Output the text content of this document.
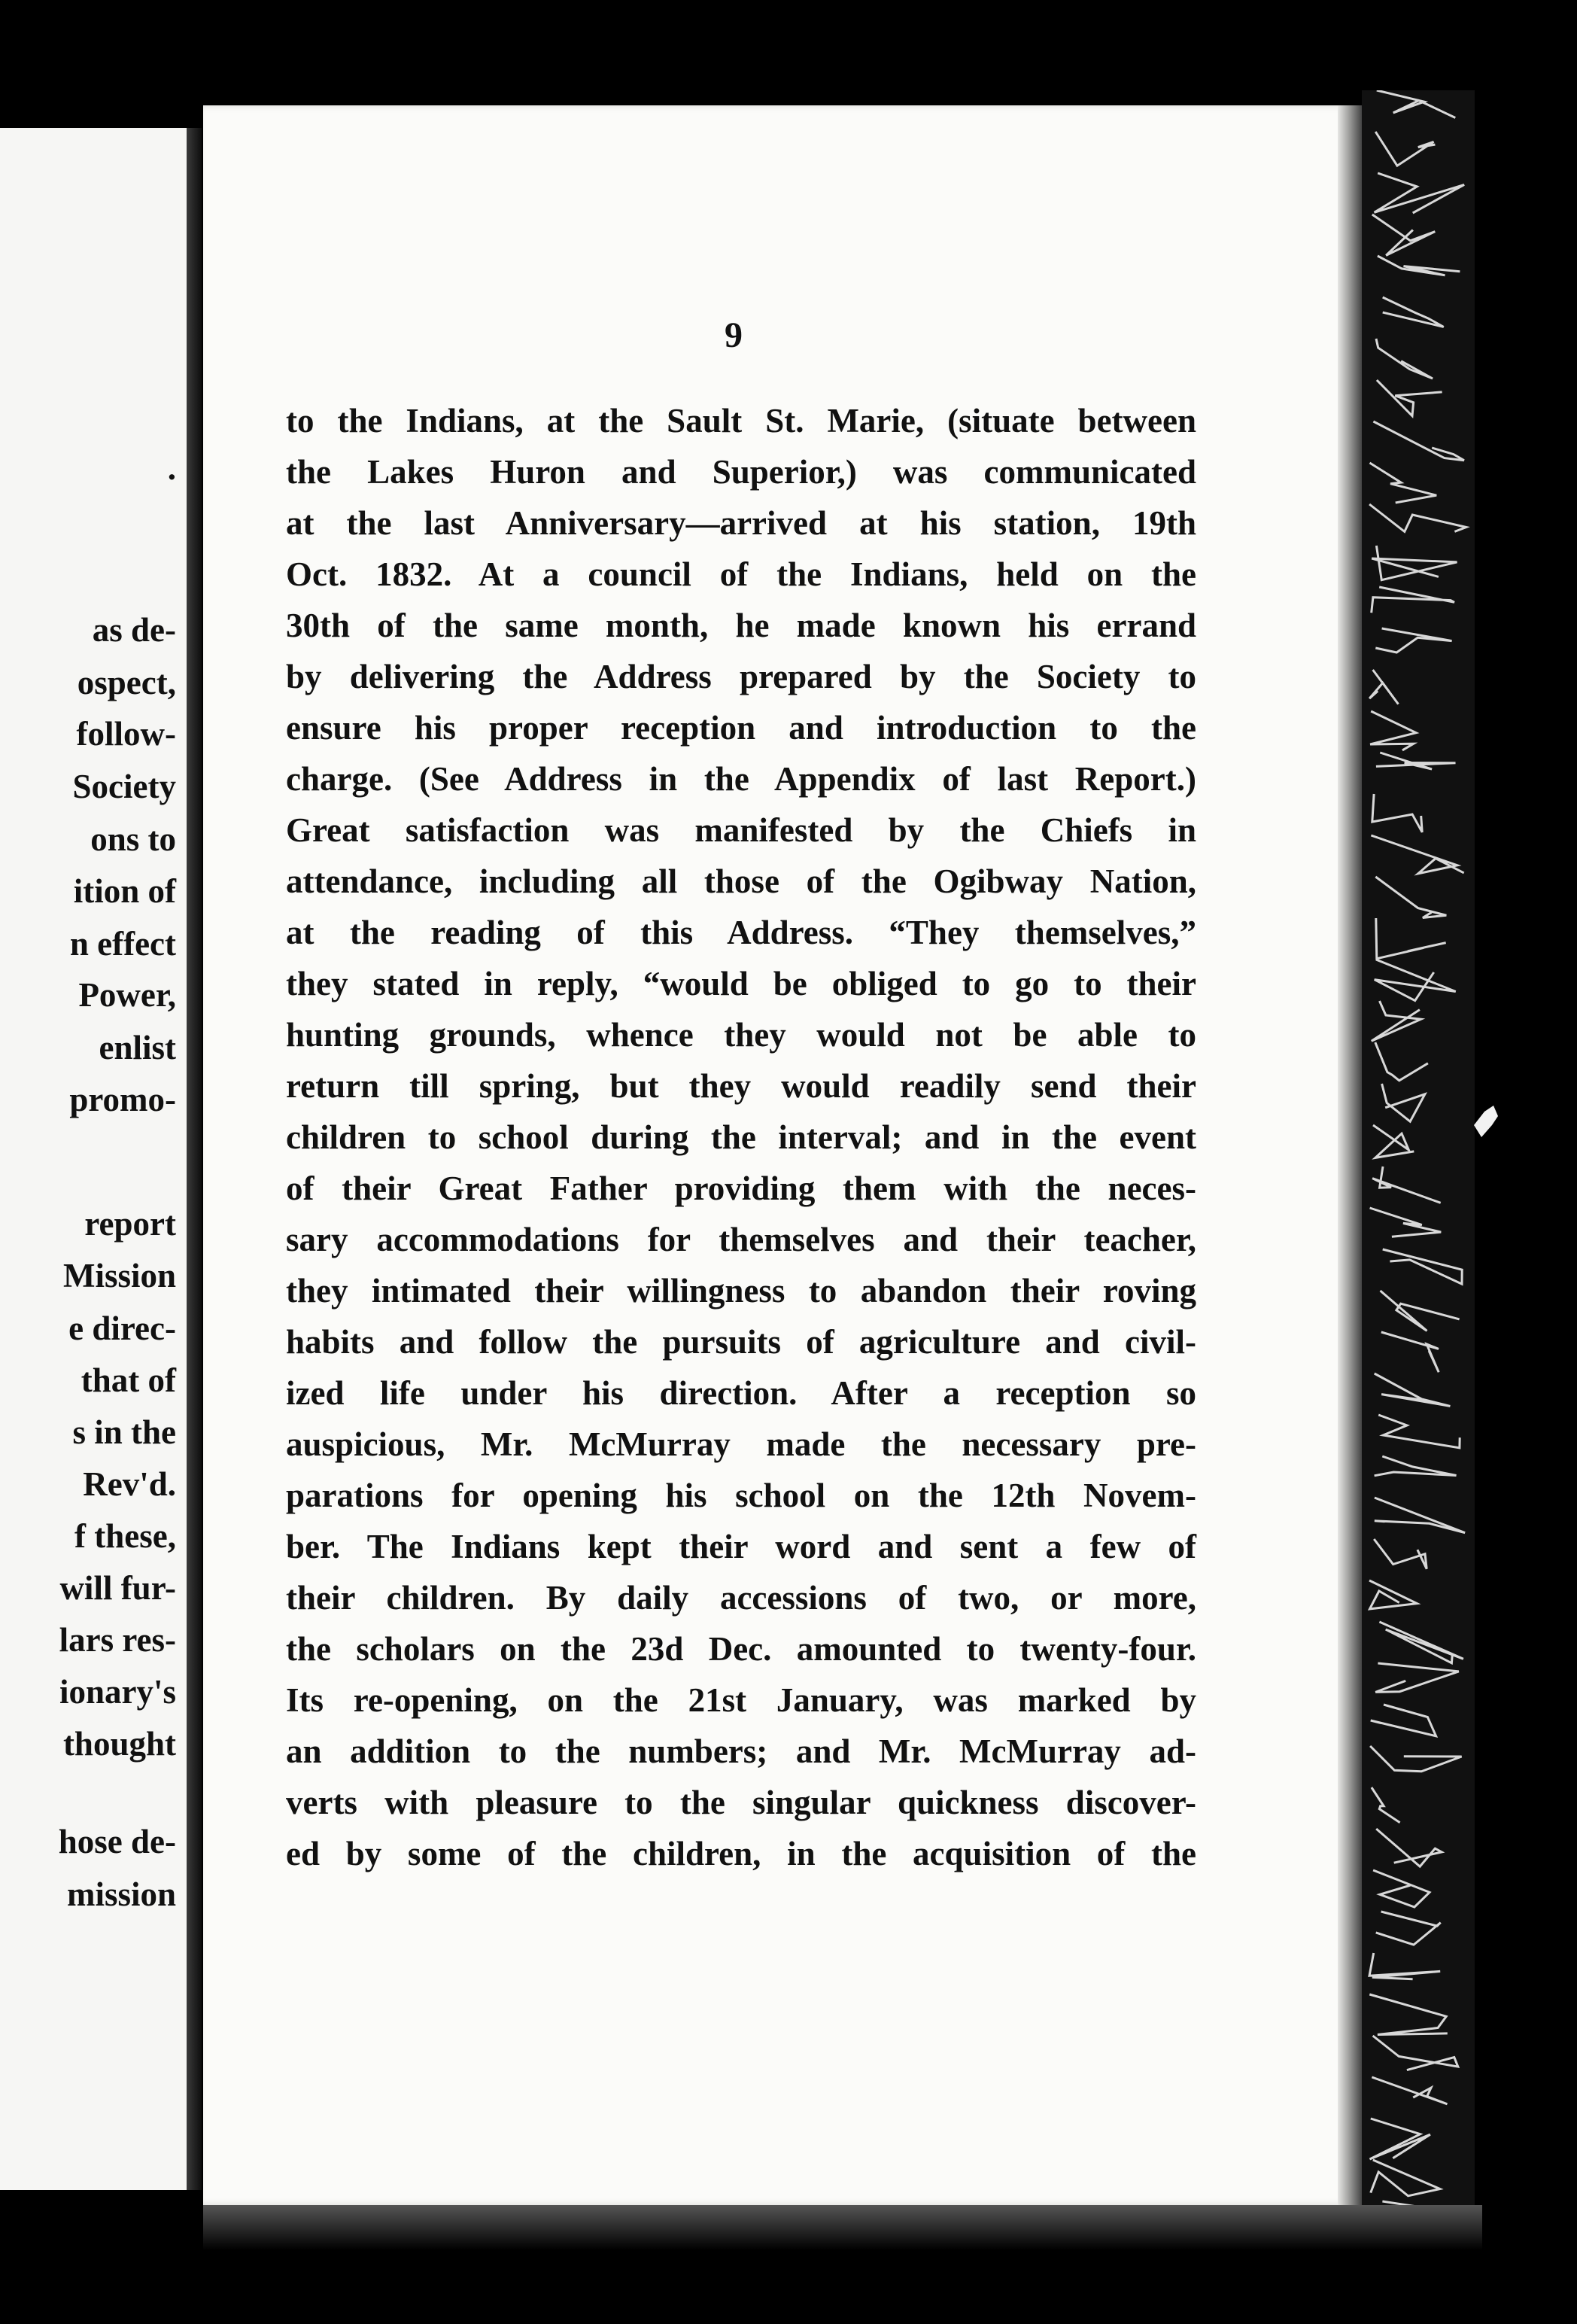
.
as de-
ospect,
follow-
Society
ons to
ition of
n effect
Power,
enlist
promo-
report
Mission
e direc-
that of
s in the
Rev'd.
f these,
will fur-
lars res-
ionary's
thought
hose de-
mission
9
to the Indians, at the Sault St. Marie, (situate between
the Lakes Huron and Superior,) was communicated
at the last Anniversary—arrived at his station, 19th
Oct. 1832. At a council of the Indians, held on the
30th of the same month, he made known his errand
by delivering the Address prepared by the Society to
ensure his proper reception and introduction to the
charge. (See Address in the Appendix of last Report.)
Great satisfaction was manifested by the Chiefs in
attendance, including all those of the Ogibway Nation,
at the reading of this Address. “They themselves,”
they stated in reply, “would be obliged to go to their
hunting grounds, whence they would not be able to
return till spring, but they would readily send their
children to school during the interval; and in the event
of their Great Father providing them with the neces-
sary accommodations for themselves and their teacher,
they intimated their willingness to abandon their roving
habits and follow the pursuits of agriculture and civil-
ized life under his direction. After a reception so
auspicious, Mr. McMurray made the necessary pre-
parations for opening his school on the 12th Novem-
ber. The Indians kept their word and sent a few of
their children. By daily accessions of two, or more,
the scholars on the 23d Dec. amounted to twenty-four.
Its re-opening, on the 21st January, was marked by
an addition to the numbers; and Mr. McMurray ad-
verts with pleasure to the singular quickness discover-
ed by some of the children, in the acquisition of the
